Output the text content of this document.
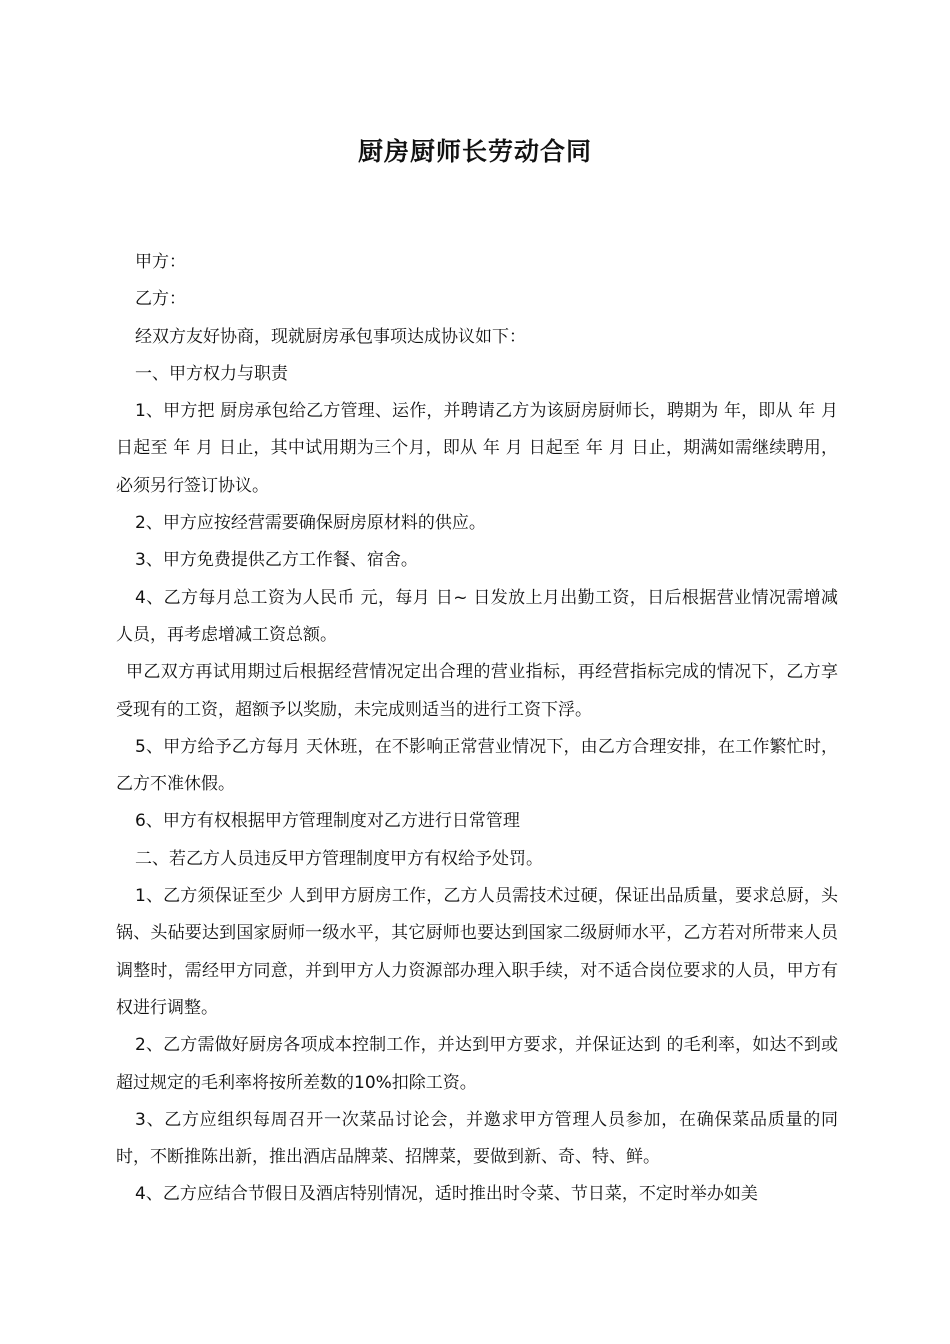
厨房厨师长劳动合同

甲方：

乙方：

经双方友好协商，现就厨房承包事项达成协议如下：

一、甲方权力与职责

1、甲方把 厨房承包给乙方管理、运作，并聘请乙方为该厨房厨师长，聘期为 年，即从 年 月 日起至 年 月 日止，其中试用期为三个月，即从 年 月 日起至 年 月 日止，期满如需继续聘用，必须另行签订协议。

2、甲方应按经营需要确保厨房原材料的供应。

3、甲方免费提供乙方工作餐、宿舍。

4、乙方每月总工资为人民币 元，每月 日~ 日发放上月出勤工资，日后根据营业情况需增减人员，再考虑增减工资总额。

甲乙双方再试用期过后根据经营情况定出合理的营业指标，再经营指标完成的情况下，乙方享受现有的工资，超额予以奖励，未完成则适当的进行工资下浮。

5、甲方给予乙方每月 天休班，在不影响正常营业情况下，由乙方合理安排，在工作繁忙时，乙方不准休假。

6、甲方有权根据甲方管理制度对乙方进行日常管理

二、若乙方人员违反甲方管理制度甲方有权给予处罚。

1、乙方须保证至少 人到甲方厨房工作，乙方人员需技术过硬，保证出品质量，要求总厨，头锅、头砧要达到国家厨师一级水平，其它厨师也要达到国家二级厨师水平，乙方若对所带来人员调整时，需经甲方同意，并到甲方人力资源部办理入职手续，对不适合岗位要求的人员，甲方有权进行调整。

2、乙方需做好厨房各项成本控制工作，并达到甲方要求，并保证达到 的毛利率，如达不到或超过规定的毛利率将按所差数的10%扣除工资。

3、乙方应组织每周召开一次菜品讨论会，并邀求甲方管理人员参加，在确保菜品质量的同时，不断推陈出新，推出酒店品牌菜、招牌菜，要做到新、奇、特、鲜。

4、乙方应结合节假日及酒店特别情况，适时推出时令菜、节日菜，不定时举办如美
